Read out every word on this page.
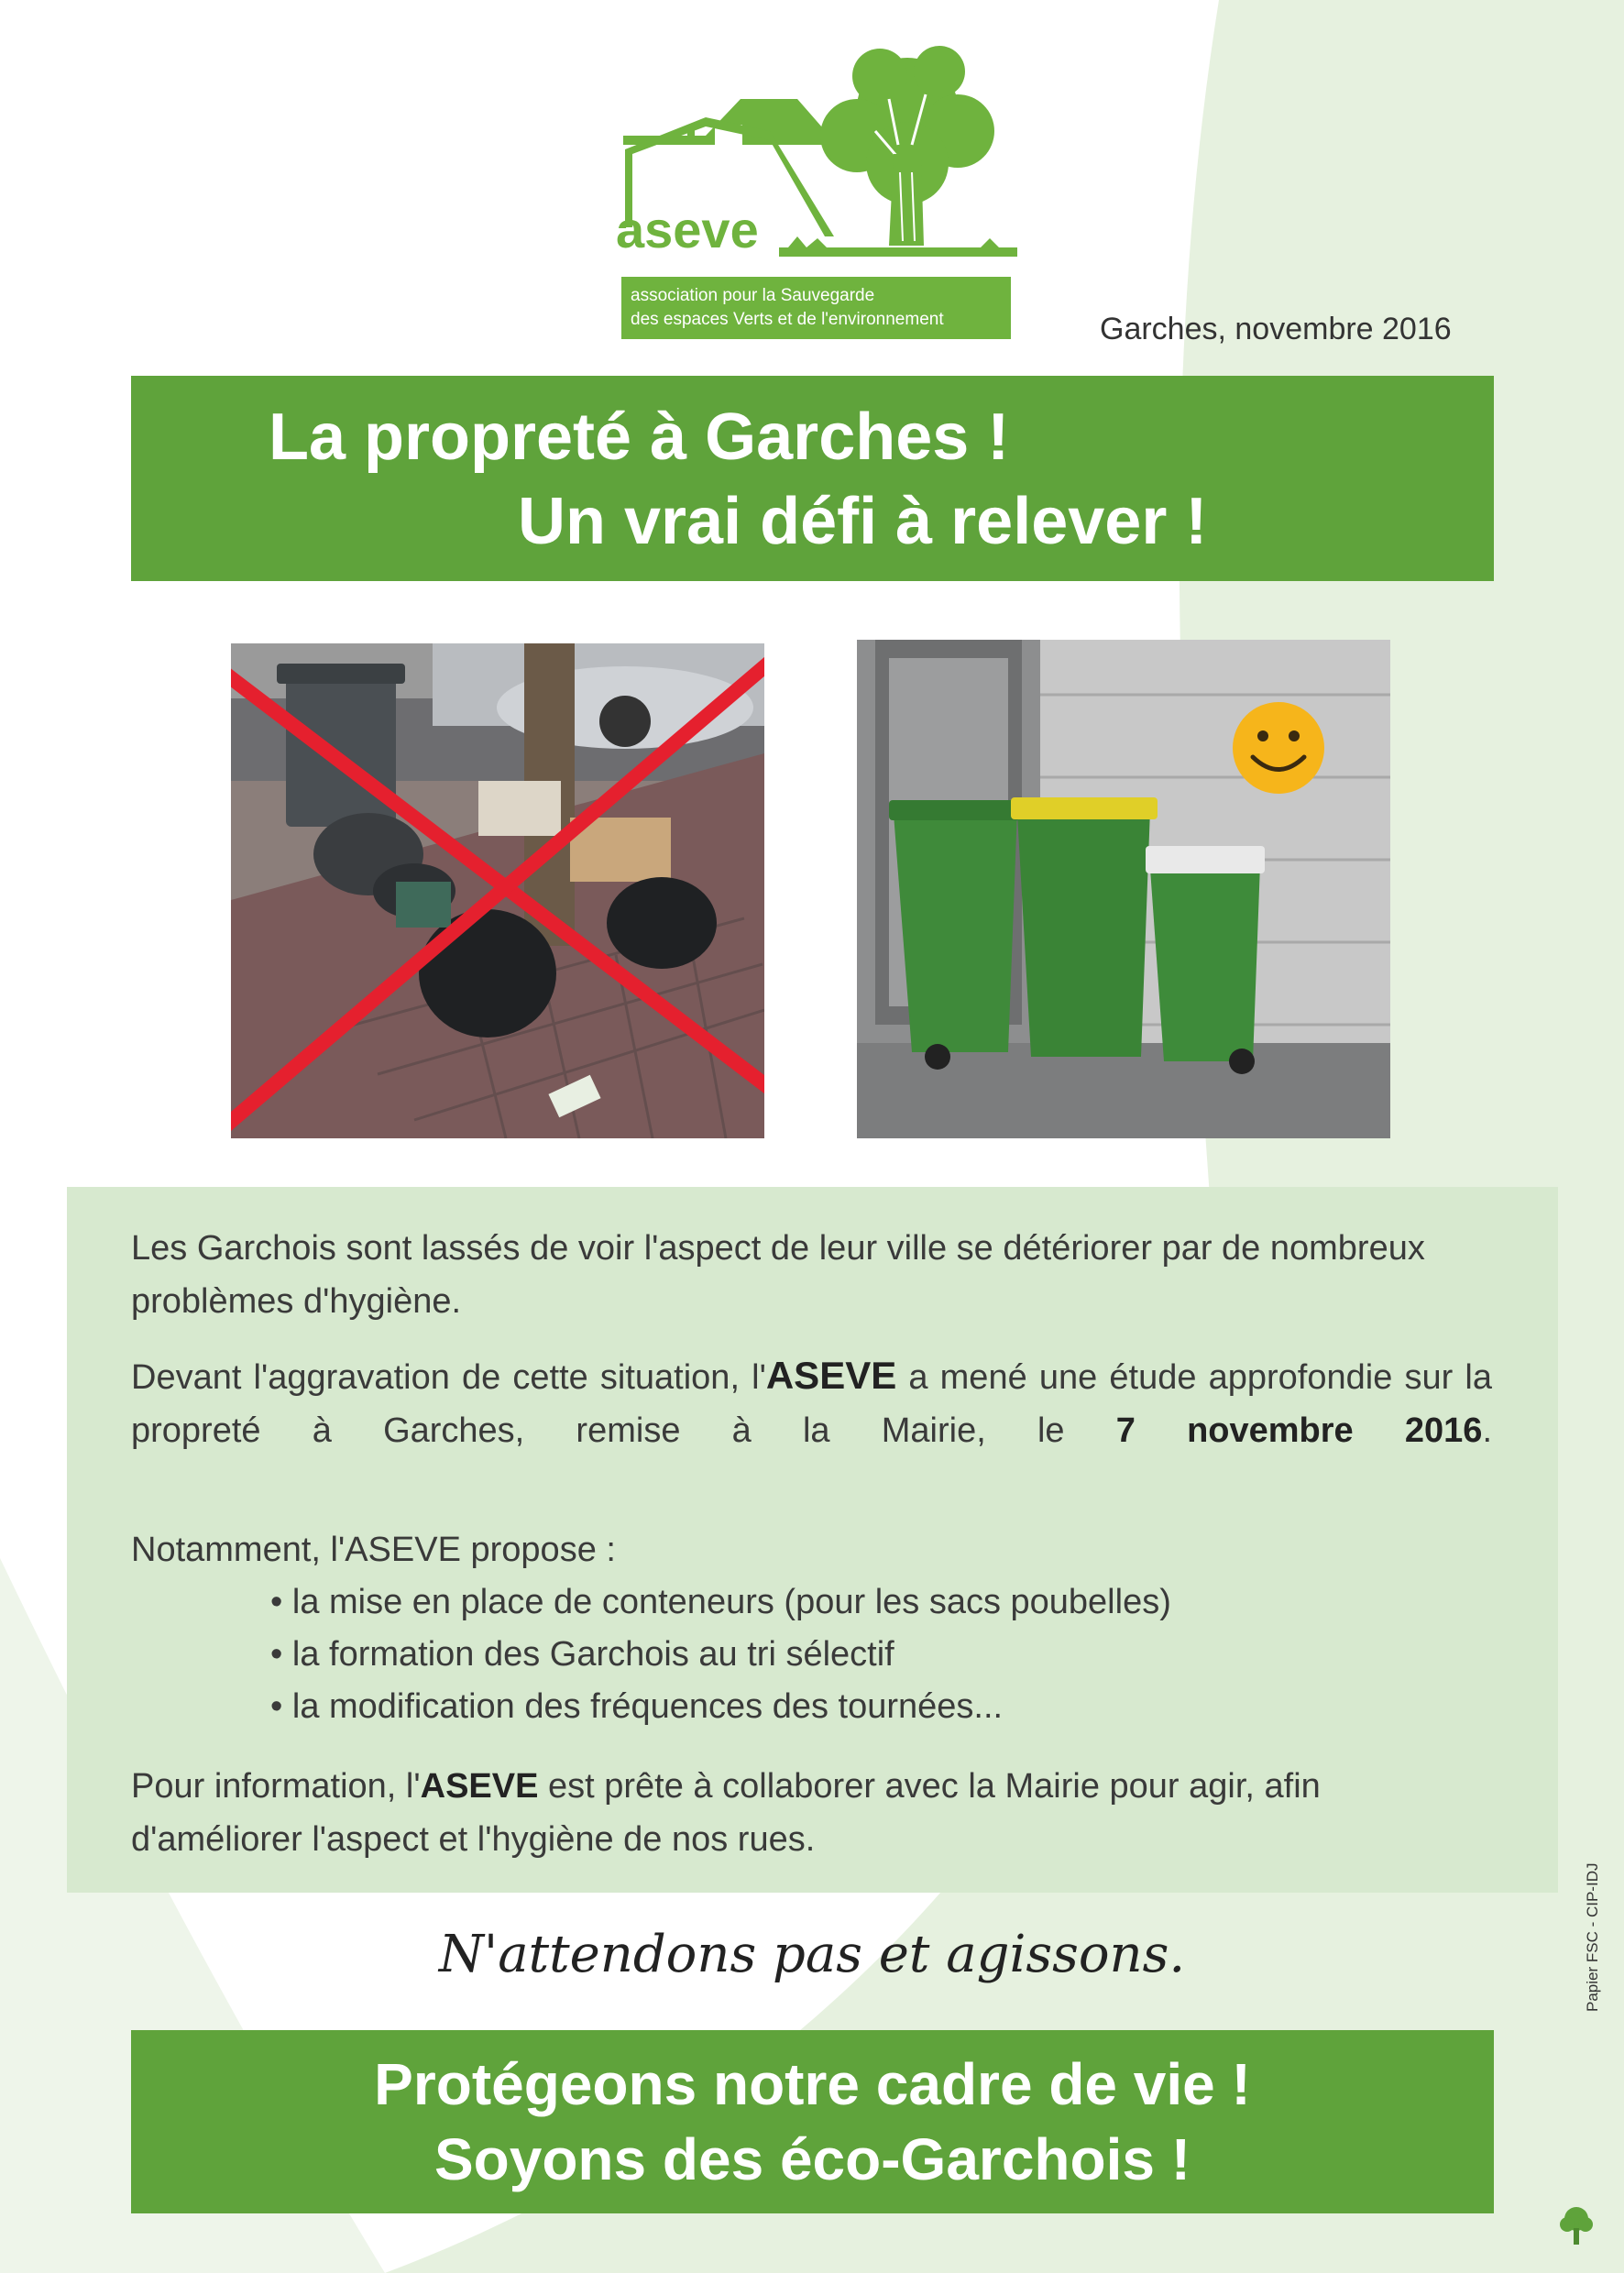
aseve
association pour la Sauvegarde
des espaces Verts et de l'environnement	Garches, novembre 2016
La propreté à Garches !
Un vrai défi à relever !
Les Garchois sont lassés de voir l'aspect de leur ville se détériorer par de nombreux problèmes d'hygiène.
Devant l'aggravation de cette situation, l'ASEVE a mené une étude approfondie sur la propreté à Garches, remise à la Mairie, le 7 novembre 2016.
Notamment, l'ASEVE propose :
• la mise en place de conteneurs (pour les sacs poubelles)
• la formation des Garchois au tri sélectif
• la modification des fréquences des tournées...
Pour information, l'ASEVE est prête à collaborer avec la Mairie pour agir, afin d'améliorer l'aspect et l'hygiène de nos rues.
N'attendons pas et agissons.
Protégeons notre cadre de vie !
Soyons des éco-Garchois !
Papier FSC - CIP-IDJ
